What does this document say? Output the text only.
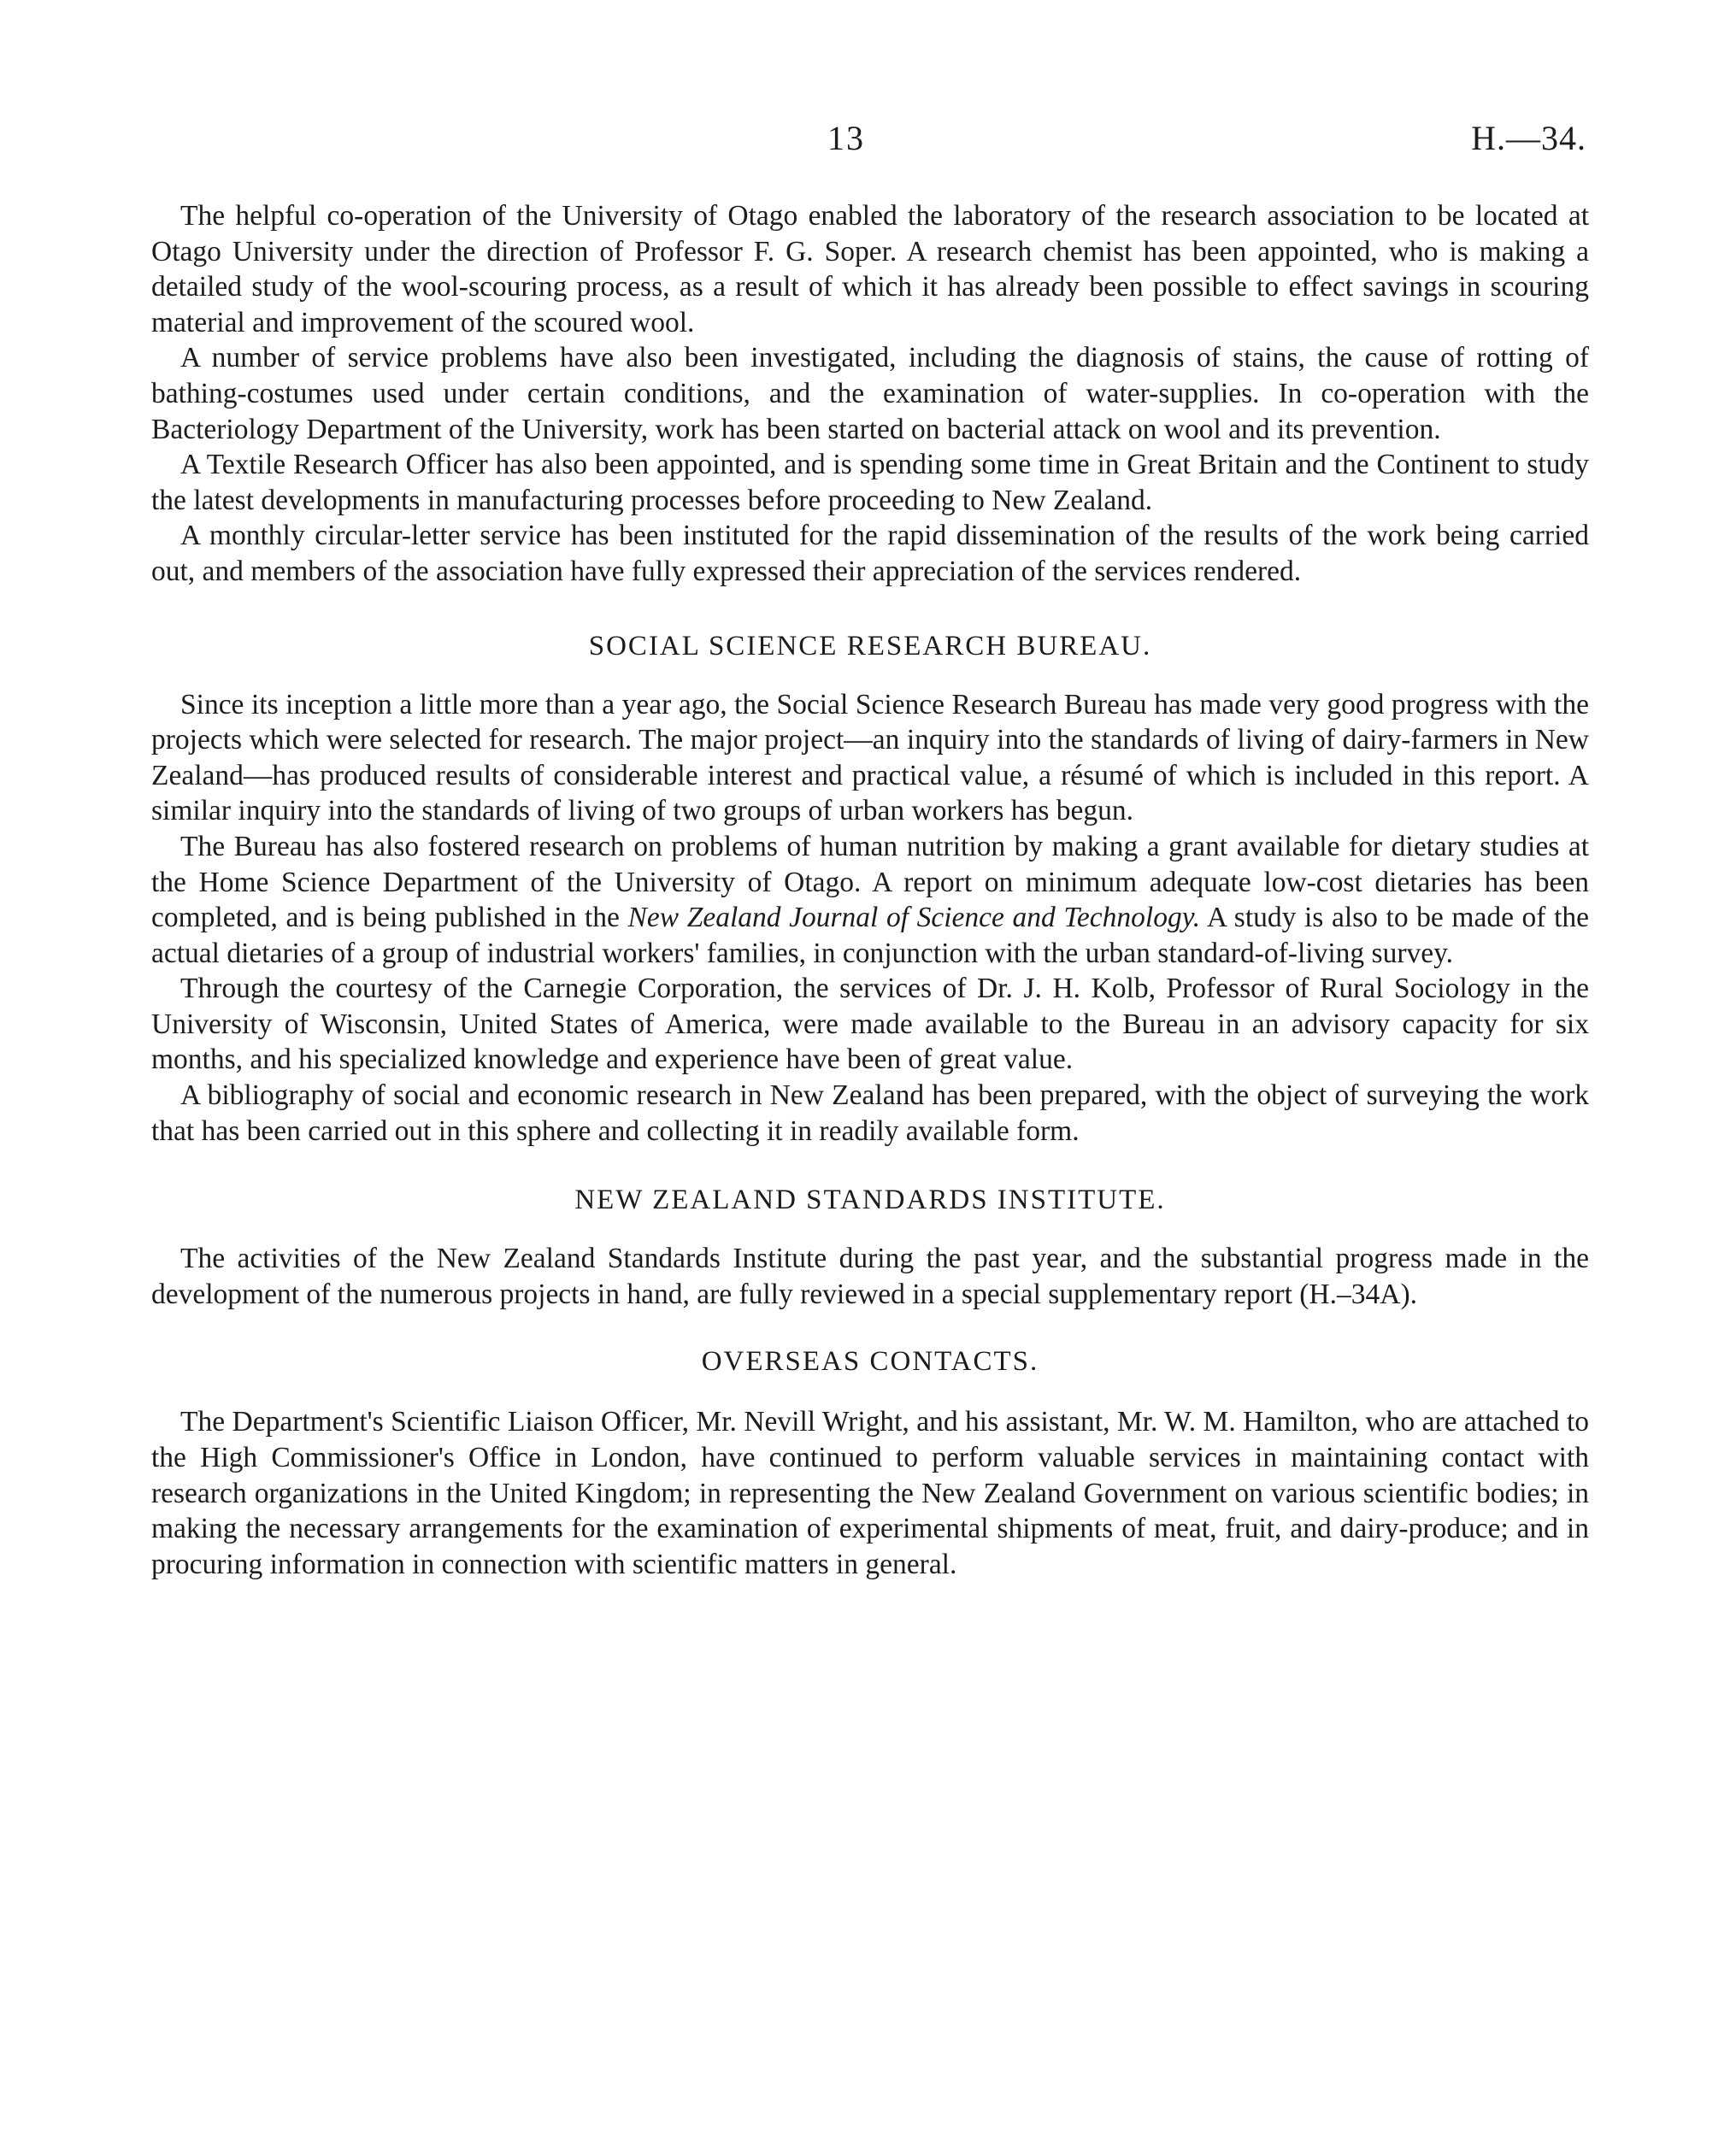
13	H.—34.

The helpful co-operation of the University of Otago enabled the laboratory of the research association to be located at Otago University under the direction of Professor F. G. Soper. A research chemist has been appointed, who is making a detailed study of the wool-scouring process, as a result of which it has already been possible to effect savings in scouring material and improvement of the scoured wool.

A number of service problems have also been investigated, including the diagnosis of stains, the cause of rotting of bathing-costumes used under certain conditions, and the examination of water-supplies. In co-operation with the Bacteriology Department of the University, work has been started on bacterial attack on wool and its prevention.

A Textile Research Officer has also been appointed, and is spending some time in Great Britain and the Continent to study the latest developments in manufacturing processes before proceeding to New Zealand.

A monthly circular-letter service has been instituted for the rapid dissemination of the results of the work being carried out, and members of the association have fully expressed their appreciation of the services rendered.

SOCIAL SCIENCE RESEARCH BUREAU.

Since its inception a little more than a year ago, the Social Science Research Bureau has made very good progress with the projects which were selected for research. The major project—an inquiry into the standards of living of dairy-farmers in New Zealand—has produced results of considerable interest and practical value, a résumé of which is included in this report. A similar inquiry into the standards of living of two groups of urban workers has begun.

The Bureau has also fostered research on problems of human nutrition by making a grant available for dietary studies at the Home Science Department of the University of Otago. A report on minimum adequate low-cost dietaries has been completed, and is being published in the New Zealand Journal of Science and Technology. A study is also to be made of the actual dietaries of a group of industrial workers' families, in conjunction with the urban standard-of-living survey.

Through the courtesy of the Carnegie Corporation, the services of Dr. J. H. Kolb, Professor of Rural Sociology in the University of Wisconsin, United States of America, were made available to the Bureau in an advisory capacity for six months, and his specialized knowledge and experience have been of great value.

A bibliography of social and economic research in New Zealand has been prepared, with the object of surveying the work that has been carried out in this sphere and collecting it in readily available form.

NEW ZEALAND STANDARDS INSTITUTE.

The activities of the New Zealand Standards Institute during the past year, and the substantial progress made in the development of the numerous projects in hand, are fully reviewed in a special supplementary report (H.–34A).

OVERSEAS CONTACTS.

The Department's Scientific Liaison Officer, Mr. Nevill Wright, and his assistant, Mr. W. M. Hamilton, who are attached to the High Commissioner's Office in London, have continued to perform valuable services in maintaining contact with research organizations in the United Kingdom; in representing the New Zealand Government on various scientific bodies; in making the necessary arrangements for the examination of experimental shipments of meat, fruit, and dairy-produce; and in procuring information in connection with scientific matters in general.
